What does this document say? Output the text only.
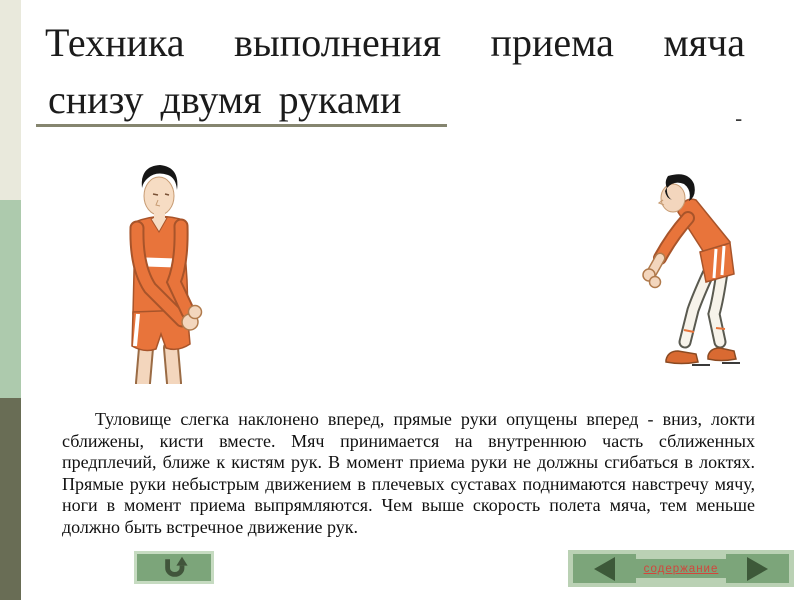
Техника выполнения приема мяча
снизу двумя руками	-

Туловище слегка наклонено вперед, прямые руки опущены вперед - вниз, локти сближены, кисти вместе. Мяч принимается на внутреннюю часть сближенных предплечий, ближе к кистям рук. В момент приема руки не должны сгибаться в локтях. Прямые руки небыстрым движением в плечевых суставах поднимаются навстречу мячу, ноги в момент приема выпрямляются. Чем выше скорость полета мяча, тем меньше должно быть встречное движение рук.

содержание
